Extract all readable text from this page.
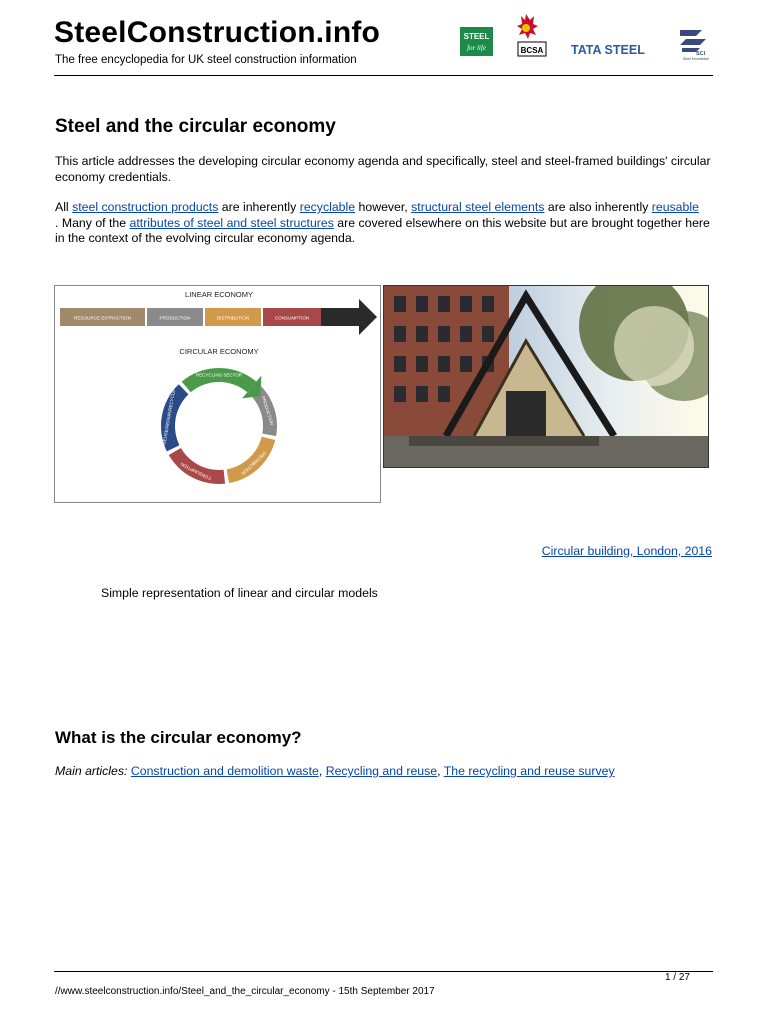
SteelConstruction.info
The free encyclopedia for UK steel construction information
STEEL
for life	BCSA TATA STEEL	SCI
Steel Knowledge
Steel and the circular economy
This article addresses the developing circular economy agenda and specifically, steel and steel-framed buildings' circular economy credentials.
All steel construction products are inherently recyclable however, structural steel elements are also inherently reusable
. Many of the attributes of steel and steel structures are covered elsewhere on this website but are brought together here in the context of the evolving circular economy agenda.
LINEAR ECONOMY
RESOURCE EXTRACTION	PRODUCTION	DISTRIBUTION	CONSUMPTION
CIRCULAR ECONOMY
RECYCLING SECTOR
PRODUCTION
DISTRIBUTION
CONSUMPTION
REUSE/REPAIR/RECYCLE
Circular building, London, 2016
Simple representation of linear and circular models
What is the circular economy?
Main articles: Construction and demolition waste, Recycling and reuse, The recycling and reuse survey
1 / 27
//www.steelconstruction.info/Steel_and_the_circular_economy - 15th September 2017
